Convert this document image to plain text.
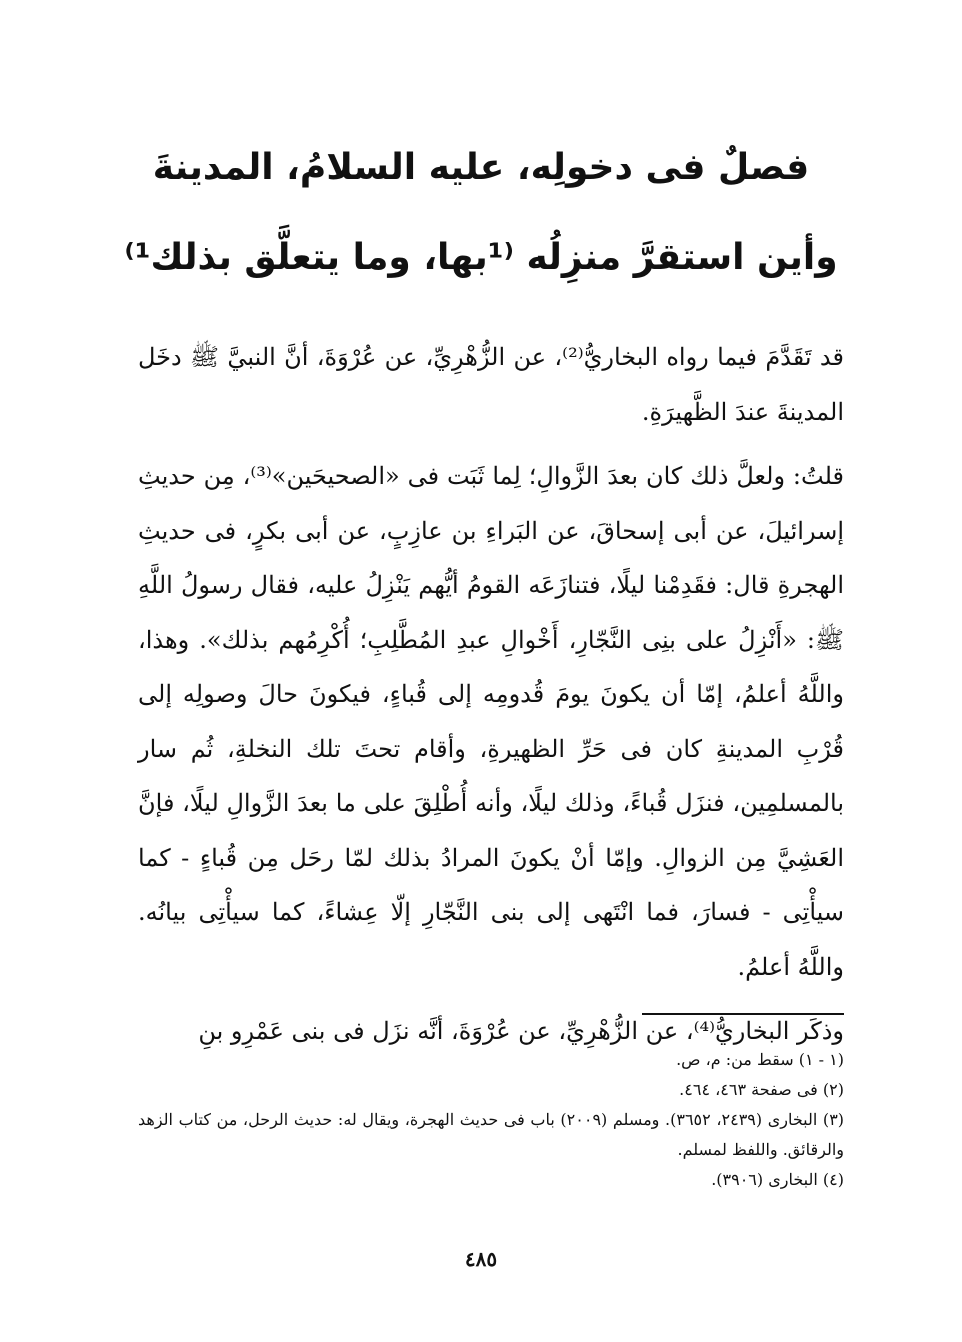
فصلٌ فى دخولِه، عليه السلامُ، المدينةَ
وأين استقرَّ منزِلُه ⁽¹بها، وما يتعلَّق بذلك¹⁾

قد تَقَدَّمَ فيما رواه البخاريُّ⁽²⁾، عن الزُّهْرِيِّ، عن عُرْوَةَ، أنَّ النبيَّ ﷺ دخَل المدينةَ عندَ الظَّهيرَةِ.

قلتُ: ولعلَّ ذلك كان بعدَ الزَّوالِ؛ لِما ثَبَت فى «الصحيحَين»⁽³⁾، مِن حديثِ إسرائيلَ، عن أبى إسحاقَ، عن البَراءِ بن عازِبٍ، عن أبى بكرٍ، فى حديثِ الهجرةِ قال: فقَدِمْنا ليلًا، فتنازَعَه القومُ أيُّهم يَنْزِلُ عليه، فقال رسولُ اللَّهِ ﷺ: «أَنْزِلُ على بنِى النَّجّارِ، أَخْوالِ عبدِ المُطَّلِبِ؛ أُكْرِمُهم بذلك». وهذا، واللَّهُ أعلمُ، إمّا أن يكونَ يومَ قُدومِه إلى قُباءٍ، فيكونَ حالَ وصولِه إلى قُرْبِ المدينةِ كان فى حَرِّ الظهيرةِ، وأقام تحتَ تلك النخلةِ، ثُم سار بالمسلمِين، فنزَل قُباءً، وذلك ليلًا، وأنه أُطْلِقَ على ما بعدَ الزَّوالِ ليلًا، فإنَّ العَشِيَّ مِن الزوالِ. وإمّا أنْ يكونَ المرادُ بذلك لمّا رحَل مِن قُباءٍ - كما سيأْتِى - فسارَ، فما انْتَهى إلى بنى النَّجّارِ إلّا عِشاءً، كما سيأْتِى بيانُه. واللَّهُ أعلمُ.

وذكَر البخاريُّ⁽⁴⁾، عن الزُّهْرِيِّ، عن عُرْوَةَ، أنَّه نزَل فى بنى عَمْرِو بنِ

(١ - ١) سقط من: م، ص.

(٢) فى صفحة ٤٦٣، ٤٦٤.

(٣) البخارى (٢٤٣٩، ٣٦٥٢). ومسلم (٢٠٠٩) باب فى حديث الهجرة، ويقال له: حديث الرحل، من كتاب الزهد والرقائق. واللفظ لمسلم.

(٤) البخارى (٣٩٠٦).

٤٨٥
